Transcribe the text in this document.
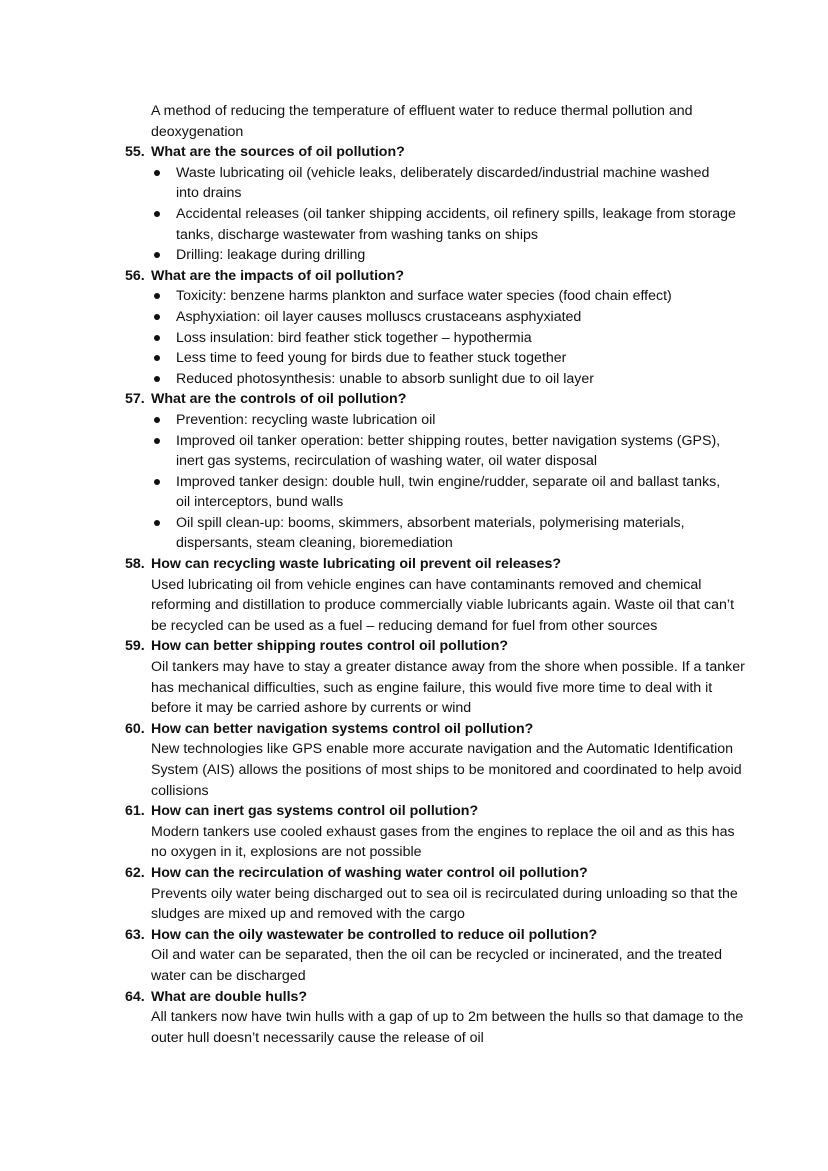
A method of reducing the temperature of effluent water to reduce thermal pollution and deoxygenation

55. What are the sources of oil pollution?
Waste lubricating oil (vehicle leaks, deliberately discarded/industrial machine washed into drains
Accidental releases (oil tanker shipping accidents, oil refinery spills, leakage from storage tanks, discharge wastewater from washing tanks on ships
Drilling: leakage during drilling
56. What are the impacts of oil pollution?
Toxicity: benzene harms plankton and surface water species (food chain effect)
Asphyxiation: oil layer causes molluscs crustaceans asphyxiated
Loss insulation: bird feather stick together – hypothermia
Less time to feed young for birds due to feather stuck together
Reduced photosynthesis: unable to absorb sunlight due to oil layer
57. What are the controls of oil pollution?
Prevention: recycling waste lubrication oil
Improved oil tanker operation: better shipping routes, better navigation systems (GPS), inert gas systems, recirculation of washing water, oil water disposal
Improved tanker design: double hull, twin engine/rudder, separate oil and ballast tanks, oil interceptors, bund walls
Oil spill clean-up: booms, skimmers, absorbent materials, polymerising materials, dispersants, steam cleaning, bioremediation
58. How can recycling waste lubricating oil prevent oil releases?

Used lubricating oil from vehicle engines can have contaminants removed and chemical reforming and distillation to produce commercially viable lubricants again. Waste oil that can’t be recycled can be used as a fuel – reducing demand for fuel from other sources

59. How can better shipping routes control oil pollution?

Oil tankers may have to stay a greater distance away from the shore when possible. If a tanker has mechanical difficulties, such as engine failure, this would five more time to deal with it before it may be carried ashore by currents or wind

60. How can better navigation systems control oil pollution?

New technologies like GPS enable more accurate navigation and the Automatic Identification System (AIS) allows the positions of most ships to be monitored and coordinated to help avoid collisions

61. How can inert gas systems control oil pollution?

Modern tankers use cooled exhaust gases from the engines to replace the oil and as this has no oxygen in it, explosions are not possible

62. How can the recirculation of washing water control oil pollution?

Prevents oily water being discharged out to sea oil is recirculated during unloading so that the sludges are mixed up and removed with the cargo

63. How can the oily wastewater be controlled to reduce oil pollution?

Oil and water can be separated, then the oil can be recycled or incinerated, and the treated water can be discharged

64. What are double hulls?

All tankers now have twin hulls with a gap of up to 2m between the hulls so that damage to the outer hull doesn’t necessarily cause the release of oil
